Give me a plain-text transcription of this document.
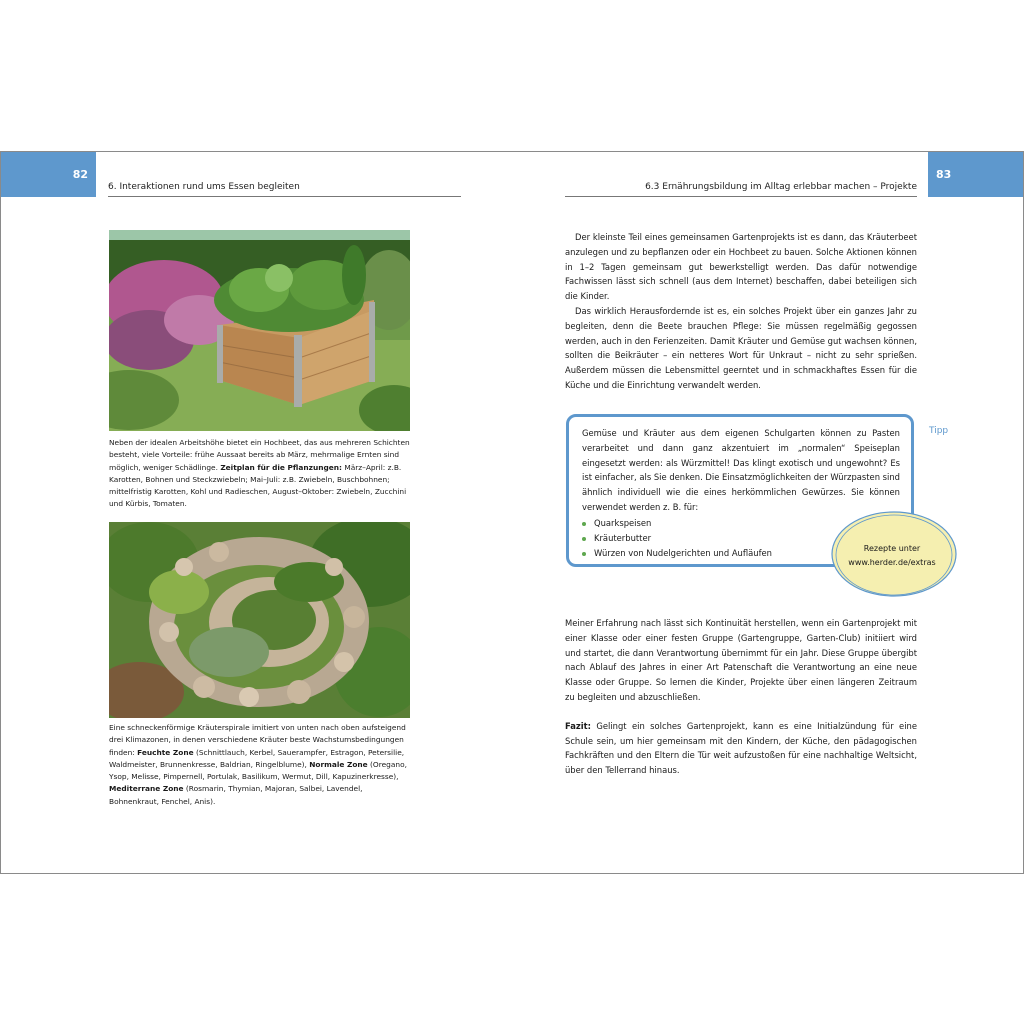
82
6. Interaktionen rund ums Essen begleiten
Neben der idealen Arbeitshöhe bietet ein Hochbeet, das aus mehreren Schichten besteht, viele Vorteile: frühe Aussaat bereits ab März, mehrmalige Ernten sind möglich, weniger Schädlinge. Zeitplan für die Pflanzungen: März–April: z.B. Karotten, Bohnen und Steckzwiebeln; Mai–Juli: z.B. Zwiebeln, Buschbohnen; mittelfristig Karotten, Kohl und Radieschen, August–Oktober: Zwiebeln, Zucchini und Kürbis, Tomaten.
Eine schneckenförmige Kräuterspirale imitiert von unten nach oben aufsteigend drei Klimazonen, in denen verschiedene Kräuter beste Wachstumsbedingungen finden: Feuchte Zone (Schnittlauch, Kerbel, Sauerampfer, Estragon, Petersilie, Waldmeister, Brunnenkresse, Baldrian, Ringelblume), Normale Zone (Oregano, Ysop, Melisse, Pimpernell, Portulak, Basilikum, Wermut, Dill, Kapuzinerkresse), Mediterrane Zone (Rosmarin, Thymian, Majoran, Salbei, Lavendel, Bohnenkraut, Fenchel, Anis).
83
6.3 Ernährungsbildung im Alltag erlebbar machen – Projekte

Der kleinste Teil eines gemeinsamen Gartenprojekts ist es dann, das Kräuterbeet anzulegen und zu bepflanzen oder ein Hochbeet zu bauen. Solche Aktionen können in 1–2 Tagen gemeinsam gut bewerkstelligt werden. Das dafür notwendige Fachwissen lässt sich schnell (aus dem Internet) beschaffen, dabei beteiligen sich die Kinder.

Das wirklich Herausfordernde ist es, ein solches Projekt über ein ganzes Jahr zu begleiten, denn die Beete brauchen Pflege: Sie müssen regelmäßig gegossen werden, auch in den Ferienzeiten. Damit Kräuter und Gemüse gut wachsen können, sollten die Beikräuter – ein netteres Wort für Unkraut – nicht zu sehr sprießen. Außerdem müssen die Lebensmittel geerntet und in schmackhaftes Essen für die Küche und die Einrichtung verwandelt werden.

Gemüse und Kräuter aus dem eigenen Schulgarten können zu Pasten verarbeitet und dann ganz akzentuiert im „normalen“ Speiseplan eingesetzt werden: als Würzmittel! Das klingt exotisch und ungewohnt? Es ist einfacher, als Sie denken. Die Einsatzmöglichkeiten der Würzpasten sind ähnlich individuell wie die eines herkömmlichen Gewürzes. Sie können verwendet werden z. B. für:
Quarkspeisen
Kräuterbutter
Würzen von Nudelgerichten und Aufläufen
Tipp
Rezepte unter
www.herder.de/extras

Meiner Erfahrung nach lässt sich Kontinuität herstellen, wenn ein Gartenprojekt mit einer Klasse oder einer festen Gruppe (Gartengruppe, Garten-Club) initiiert wird und startet, die dann Verantwortung übernimmt für ein Jahr. Diese Gruppe übergibt nach Ablauf des Jahres in einer Art Patenschaft die Verantwortung an eine neue Klasse oder Gruppe. So lernen die Kinder, Projekte über einen längeren Zeitraum zu begleiten und abzuschließen.

Fazit: Gelingt ein solches Gartenprojekt, kann es eine Initialzündung für eine Schule sein, um hier gemeinsam mit den Kindern, der Küche, den pädagogischen Fachkräften und den Eltern die Tür weit aufzustoßen für eine nachhaltige Weltsicht, über den Tellerrand hinaus.
